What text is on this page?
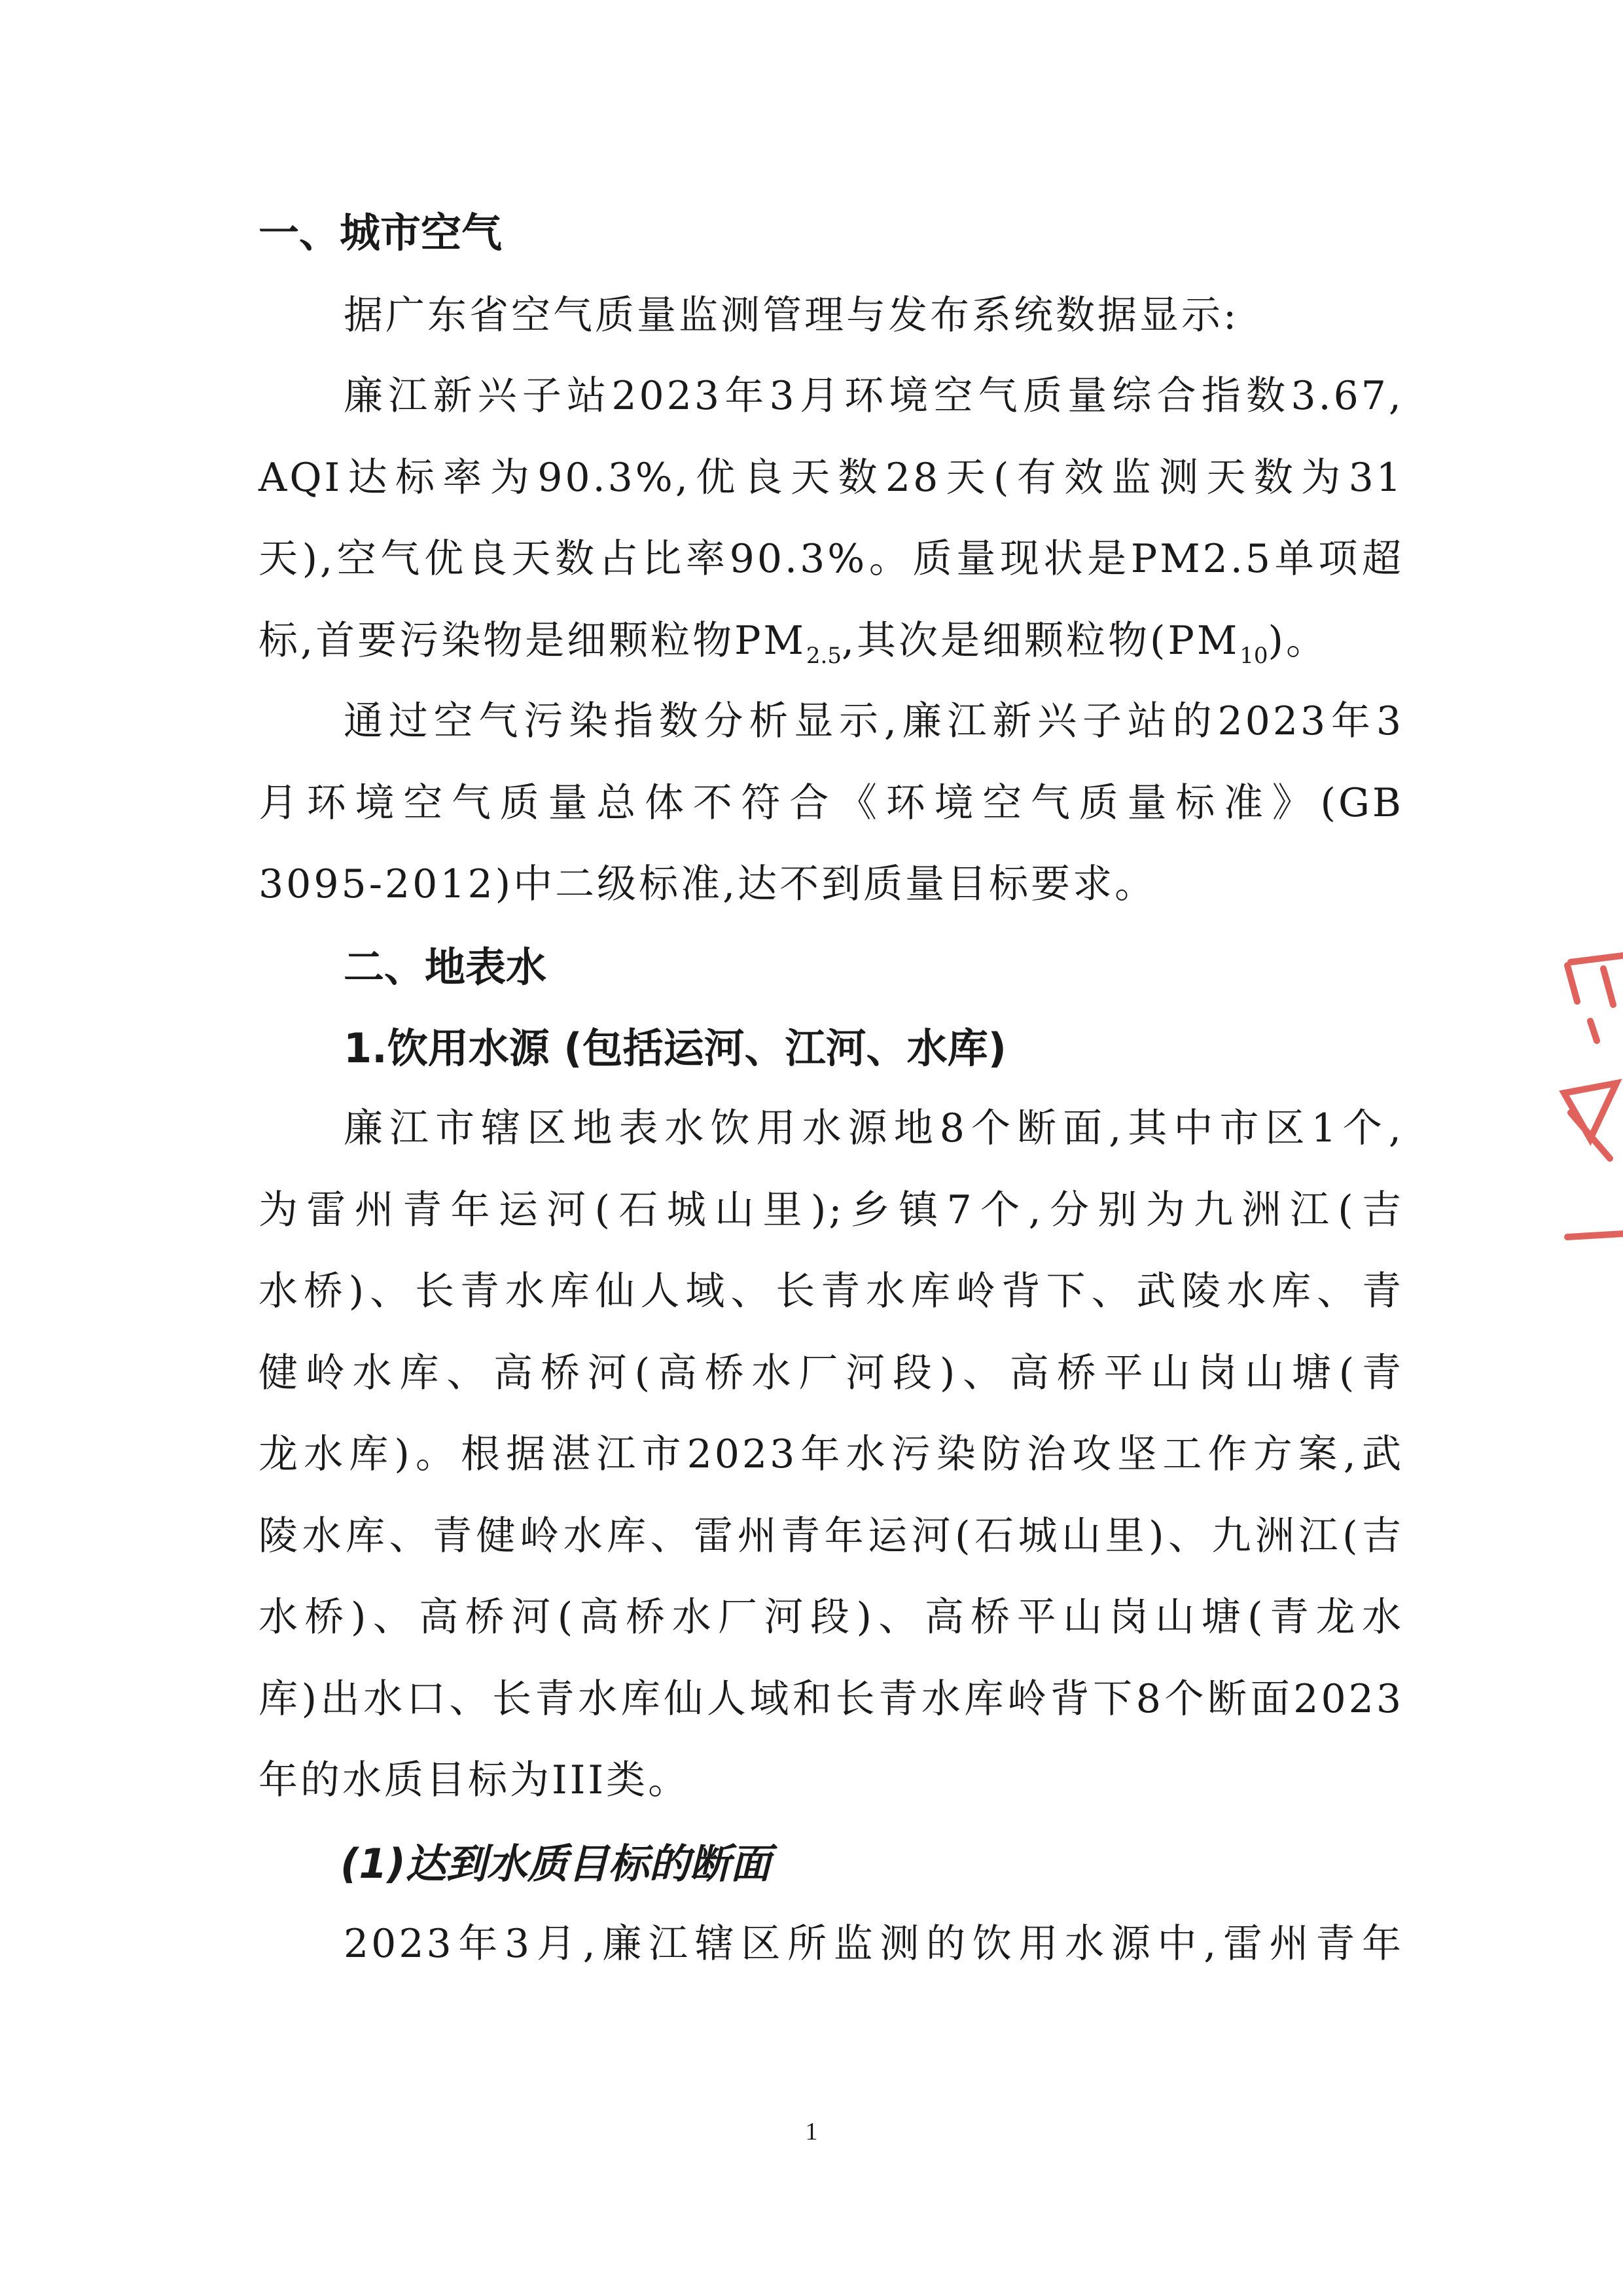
一、城市空气

据广东省空气质量监测管理与发布系统数据显示:

廉江新兴子站2023年3月环境空气质量综合指数3.67,
AQI达标率为90.3%,优良天数28天(有效监测天数为31
天),空气优良天数占比率90.3%。质量现状是PM2.5单项超
标,首要污染物是细颗粒物$PM_{2.5}$,其次是细颗粒物$(PM_{10})$。

通过空气污染指数分析显示,廉江新兴子站的2023年3
月环境空气质量总体不符合《环境空气质量标准》(GB
3095-2012)中二级标准,达不到质量目标要求。

二、地表水
1.饮用水源 (包括运河、江河、水库)

廉江市辖区地表水饮用水源地8个断面,其中市区1个,
为雷州青年运河(石城山里);乡镇7个,分别为九洲江(吉
水桥)、长青水库仙人域、长青水库岭背下、武陵水库、青
健岭水库、高桥河(高桥水厂河段)、高桥平山岗山塘(青
龙水库)。根据湛江市2023年水污染防治攻坚工作方案,武
陵水库、青健岭水库、雷州青年运河(石城山里)、九洲江(吉
水桥)、高桥河(高桥水厂河段)、高桥平山岗山塘(青龙水
库)出水口、长青水库仙人域和长青水库岭背下8个断面2023
年的水质目标为III类。

(1)达到水质目标的断面

2023年3月,廉江辖区所监测的饮用水源中,雷州青年

1
